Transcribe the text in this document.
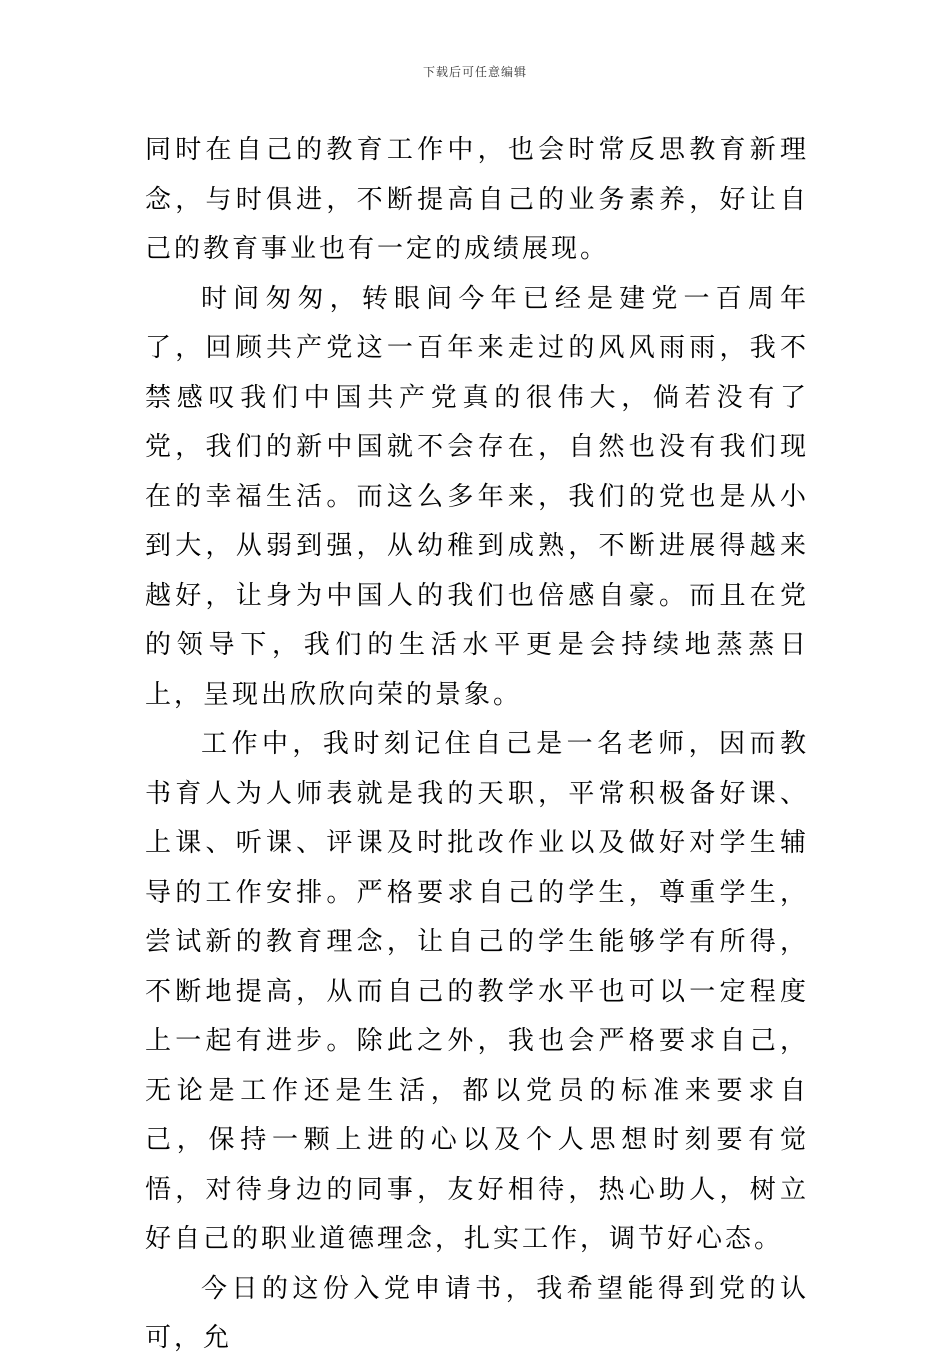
下载后可任意编辑

同时在自己的教育工作中，也会时常反思教育新理念，与时俱进，不断提高自己的业务素养，好让自己的教育事业也有一定的成绩展现。

时间匆匆，转眼间今年已经是建党一百周年了，回顾共产党这一百年来走过的风风雨雨，我不禁感叹我们中国共产党真的很伟大，倘若没有了党，我们的新中国就不会存在，自然也没有我们现在的幸福生活。而这么多年来，我们的党也是从小到大，从弱到强，从幼稚到成熟，不断进展得越来越好，让身为中国人的我们也倍感自豪。而且在党的领导下，我们的生活水平更是会持续地蒸蒸日上，呈现出欣欣向荣的景象。

工作中，我时刻记住自己是一名老师，因而教书育人为人师表就是我的天职，平常积极备好课、上课、听课、评课及时批改作业以及做好对学生辅导的工作安排。严格要求自己的学生，尊重学生，尝试新的教育理念，让自己的学生能够学有所得，不断地提高，从而自己的教学水平也可以一定程度上一起有进步。除此之外，我也会严格要求自己，无论是工作还是生活，都以党员的标准来要求自己，保持一颗上进的心以及个人思想时刻要有觉悟，对待身边的同事，友好相待，热心助人，树立好自己的职业道德理念，扎实工作，调节好心态。

今日的这份入党申请书，我希望能得到党的认可，允
